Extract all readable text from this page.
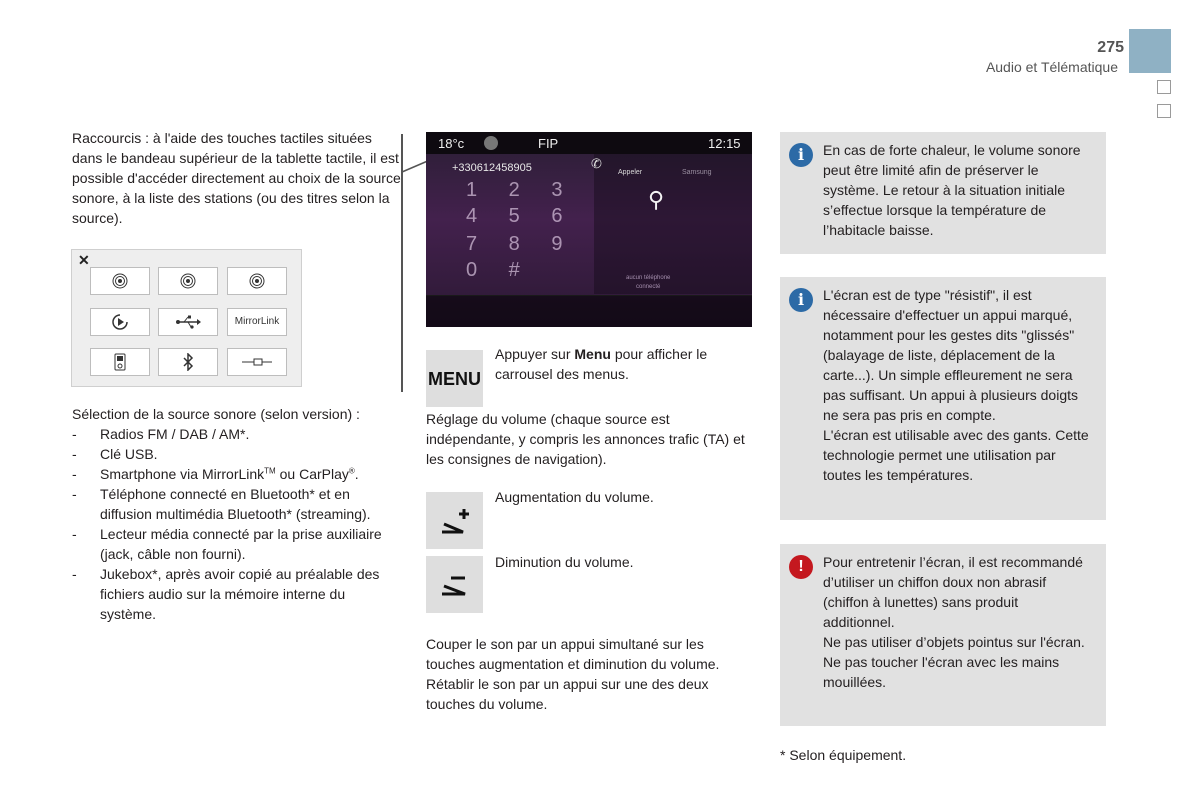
275
Audio et Télématique
Raccourcis : à l'aide des touches tactiles situées dans le bandeau supérieur de la tablette tactile, il est possible d'accéder directement au choix de la source sonore, à la liste des stations (ou des titres selon la source).
✕
MirrorLink
Sélection de la source sonore (selon version) :
- Radios FM / DAB / AM*.
- Clé USB.
- Smartphone via MirrorLink™ ou CarPlay®.
- Téléphone connecté en Bluetooth* et en diffusion multimédia Bluetooth* (streaming).
- Lecteur média connecté par la prise auxiliaire (jack, câble non fourni).
- Jukebox*, après avoir copié au préalable des fichiers audio sur la mémoire interne du système.
18°c	FIP	12:15
+330612458905
1 2 3
4 5 6
7 8 9
0 #
✆
Appeler	Samsung
⚲
aucun téléphone
connecté
MENU
Appuyer sur Menu pour afficher le carrousel des menus.
Réglage du volume (chaque source est indépendante, y compris les annonces trafic (TA) et les consignes de navigation).
Augmentation du volume.
Diminution du volume.
Couper le son par un appui simultané sur les touches augmentation et diminution du volume. Rétablir le son par un appui sur une des deux touches du volume.
i	En cas de forte chaleur, le volume sonore peut être limité afin de préserver le système. Le retour à la situation initiale s’effectue lorsque la température de l’habitacle baisse.
i	L'écran est de type "résistif", il est nécessaire d'effectuer un appui marqué, notamment pour les gestes dits "glissés" (balayage de liste, déplacement de la carte...). Un simple effleurement ne sera pas suffisant. Un appui à plusieurs doigts ne sera pas pris en compte.
L'écran est utilisable avec des gants. Cette technologie permet une utilisation par toutes les températures.
!	Pour entretenir l’écran, il est recommandé d’utiliser un chiffon doux non abrasif (chiffon à lunettes) sans produit additionnel.
Ne pas utiliser d’objets pointus sur l'écran.
Ne pas toucher l'écran avec les mains mouillées.
* Selon équipement.
